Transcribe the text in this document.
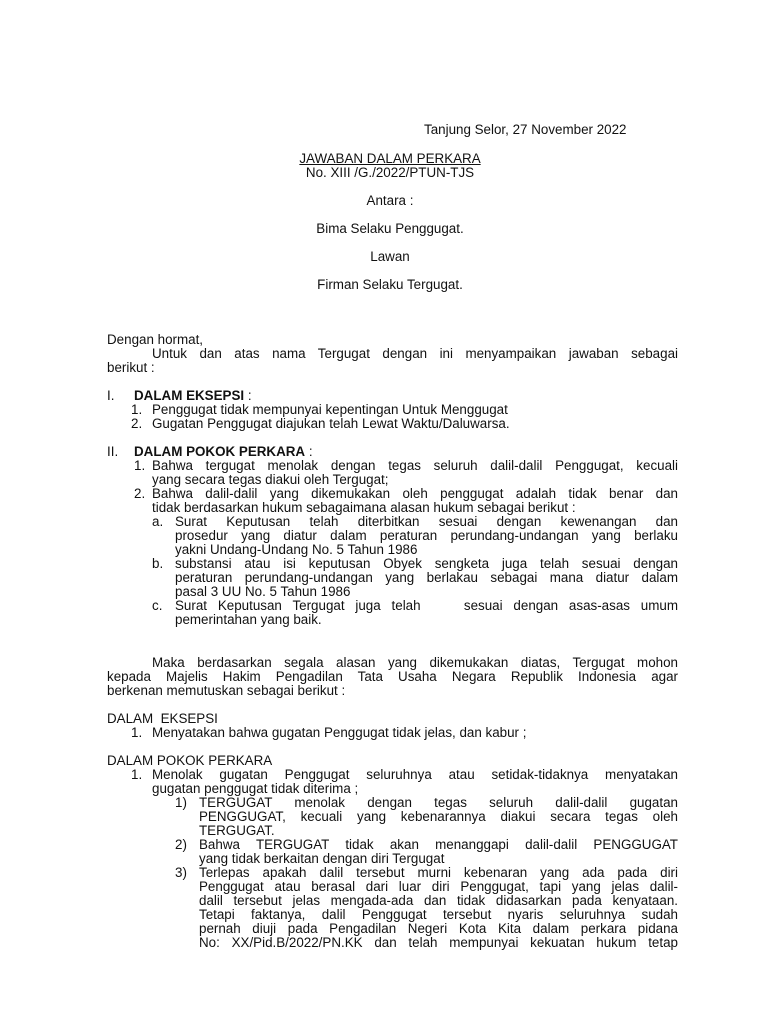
Tanjung Selor, 27 November 2022
JAWABAN DALAM PERKARA
No. XIII /G./2022/PTUN-TJS
Antara :
Bima Selaku Penggugat.
Lawan
Firman Selaku Tergugat.
Dengan hormat,
Untuk dan atas nama Tergugat dengan ini menyampaikan jawaban sebagai
berikut :
I. DALAM EKSEPSI :
1. Penggugat tidak mempunyai kepentingan Untuk Menggugat
2. Gugatan Penggugat diajukan telah Lewat Waktu/Daluwarsa.
II. DALAM POKOK PERKARA :
1. Bahwa tergugat menolak dengan tegas seluruh dalil-dalil Penggugat, kecuali
yang secara tegas diakui oleh Tergugat;
2. Bahwa dalil-dalil yang dikemukakan oleh penggugat adalah tidak benar dan
tidak berdasarkan hukum sebagaimana alasan hukum sebagai berikut :
a. Surat Keputusan telah diterbitkan sesuai dengan kewenangan dan
prosedur yang diatur dalam peraturan perundang-undangan yang berlaku
yakni Undang-Undang No. 5 Tahun 1986
b. substansi atau isi keputusan Obyek sengketa juga telah sesuai dengan
peraturan perundang-undangan yang berlakau sebagai mana diatur dalam
pasal 3 UU No. 5 Tahun 1986
c. Surat Keputusan Tergugat juga telah    sesuai dengan asas-asas umum
pemerintahan yang baik.
Maka berdasarkan segala alasan yang dikemukakan diatas, Tergugat mohon
kepada Majelis Hakim Pengadilan Tata Usaha Negara Republik Indonesia agar
berkenan memutuskan sebagai berikut :
DALAM  EKSEPSI
1. Menyatakan bahwa gugatan Penggugat tidak jelas, dan kabur ;
DALAM POKOK PERKARA
1. Menolak gugatan Penggugat seluruhnya atau setidak-tidaknya menyatakan
gugatan penggugat tidak diterima ;
1) TERGUGAT menolak dengan tegas seluruh dalil-dalil gugatan
PENGGUGAT, kecuali yang kebenarannya diakui secara tegas oleh
TERGUGAT.
2) Bahwa TERGUGAT tidak akan menanggapi dalil-dalil PENGGUGAT
yang tidak berkaitan dengan diri Tergugat
3) Terlepas apakah dalil tersebut murni kebenaran yang ada pada diri
Penggugat atau berasal dari luar diri Penggugat, tapi yang jelas dalil-
dalil tersebut jelas mengada-ada dan tidak didasarkan pada kenyataan.
Tetapi faktanya, dalil Penggugat tersebut nyaris seluruhnya sudah
pernah diuji pada Pengadilan Negeri Kota Kita dalam perkara pidana
No: XX/Pid.B/2022/PN.KK dan telah mempunyai kekuatan hukum tetap
